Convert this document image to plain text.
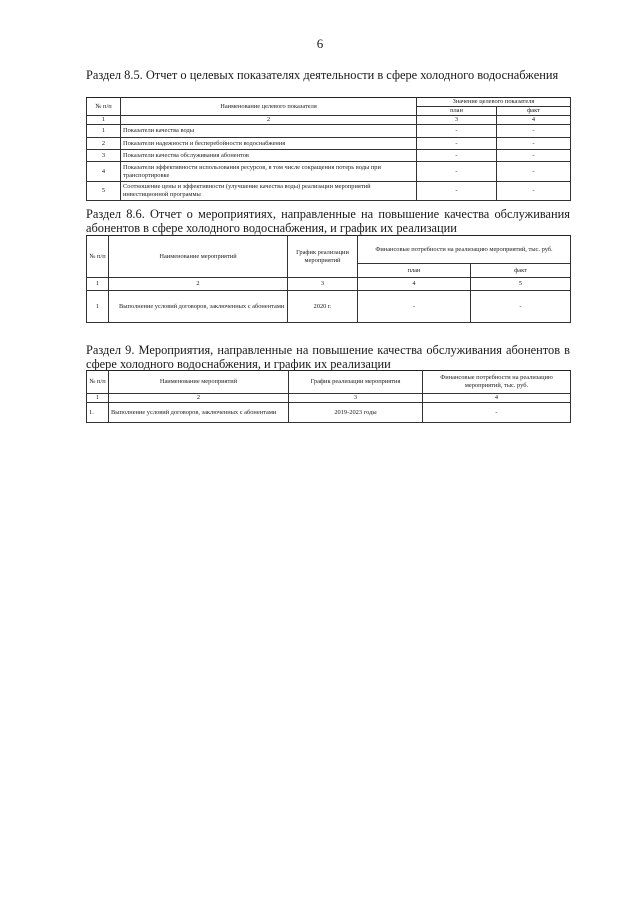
6
Раздел 8.5. Отчет о целевых показателях деятельности в сфере холодного водоснабжения
№ п/п	Наименование целевого показателя	Значение целевого показателя	
		план	факт
1	2	3	4
1	Показатели качества воды	-	-
2	Показатели надежности и бесперебойности водоснабжения	-	-
3	Показатели качества обслуживания абонентов	-	-
4	Показатели эффективности использования ресурсов, в том числе сокращения потерь воды при транспортировке	-	-
5	Соотношение цены и эффективности (улучшение качества воды) реализации мероприятий инвестиционной программы	-	-
Раздел 8.6. Отчет о мероприятиях, направленные на повышение качества обслуживания абонентов в сфере холодного водоснабжения, и график их реализации
№ п/п	Наименование мероприятий	График реализации мероприятий	Финансовые потребности на реализацию мероприятий, тыс. руб.	
			план	факт
1	2	3	4	5
1	Выполнение условий договоров, заключенных с абонентами	2020 г.	-	-
Раздел 9. Мероприятия, направленные на повышение качества обслуживания абонентов в сфере холодного водоснабжения, и график их реализации
№ п/п	Наименование мероприятий	График реализации мероприятия	Финансовые потребности на реализацию мероприятий, тыс. руб.
1	2	3	4
1.	Выполнение условий договоров, заключенных с абонентами	2019-2023 годы	-
